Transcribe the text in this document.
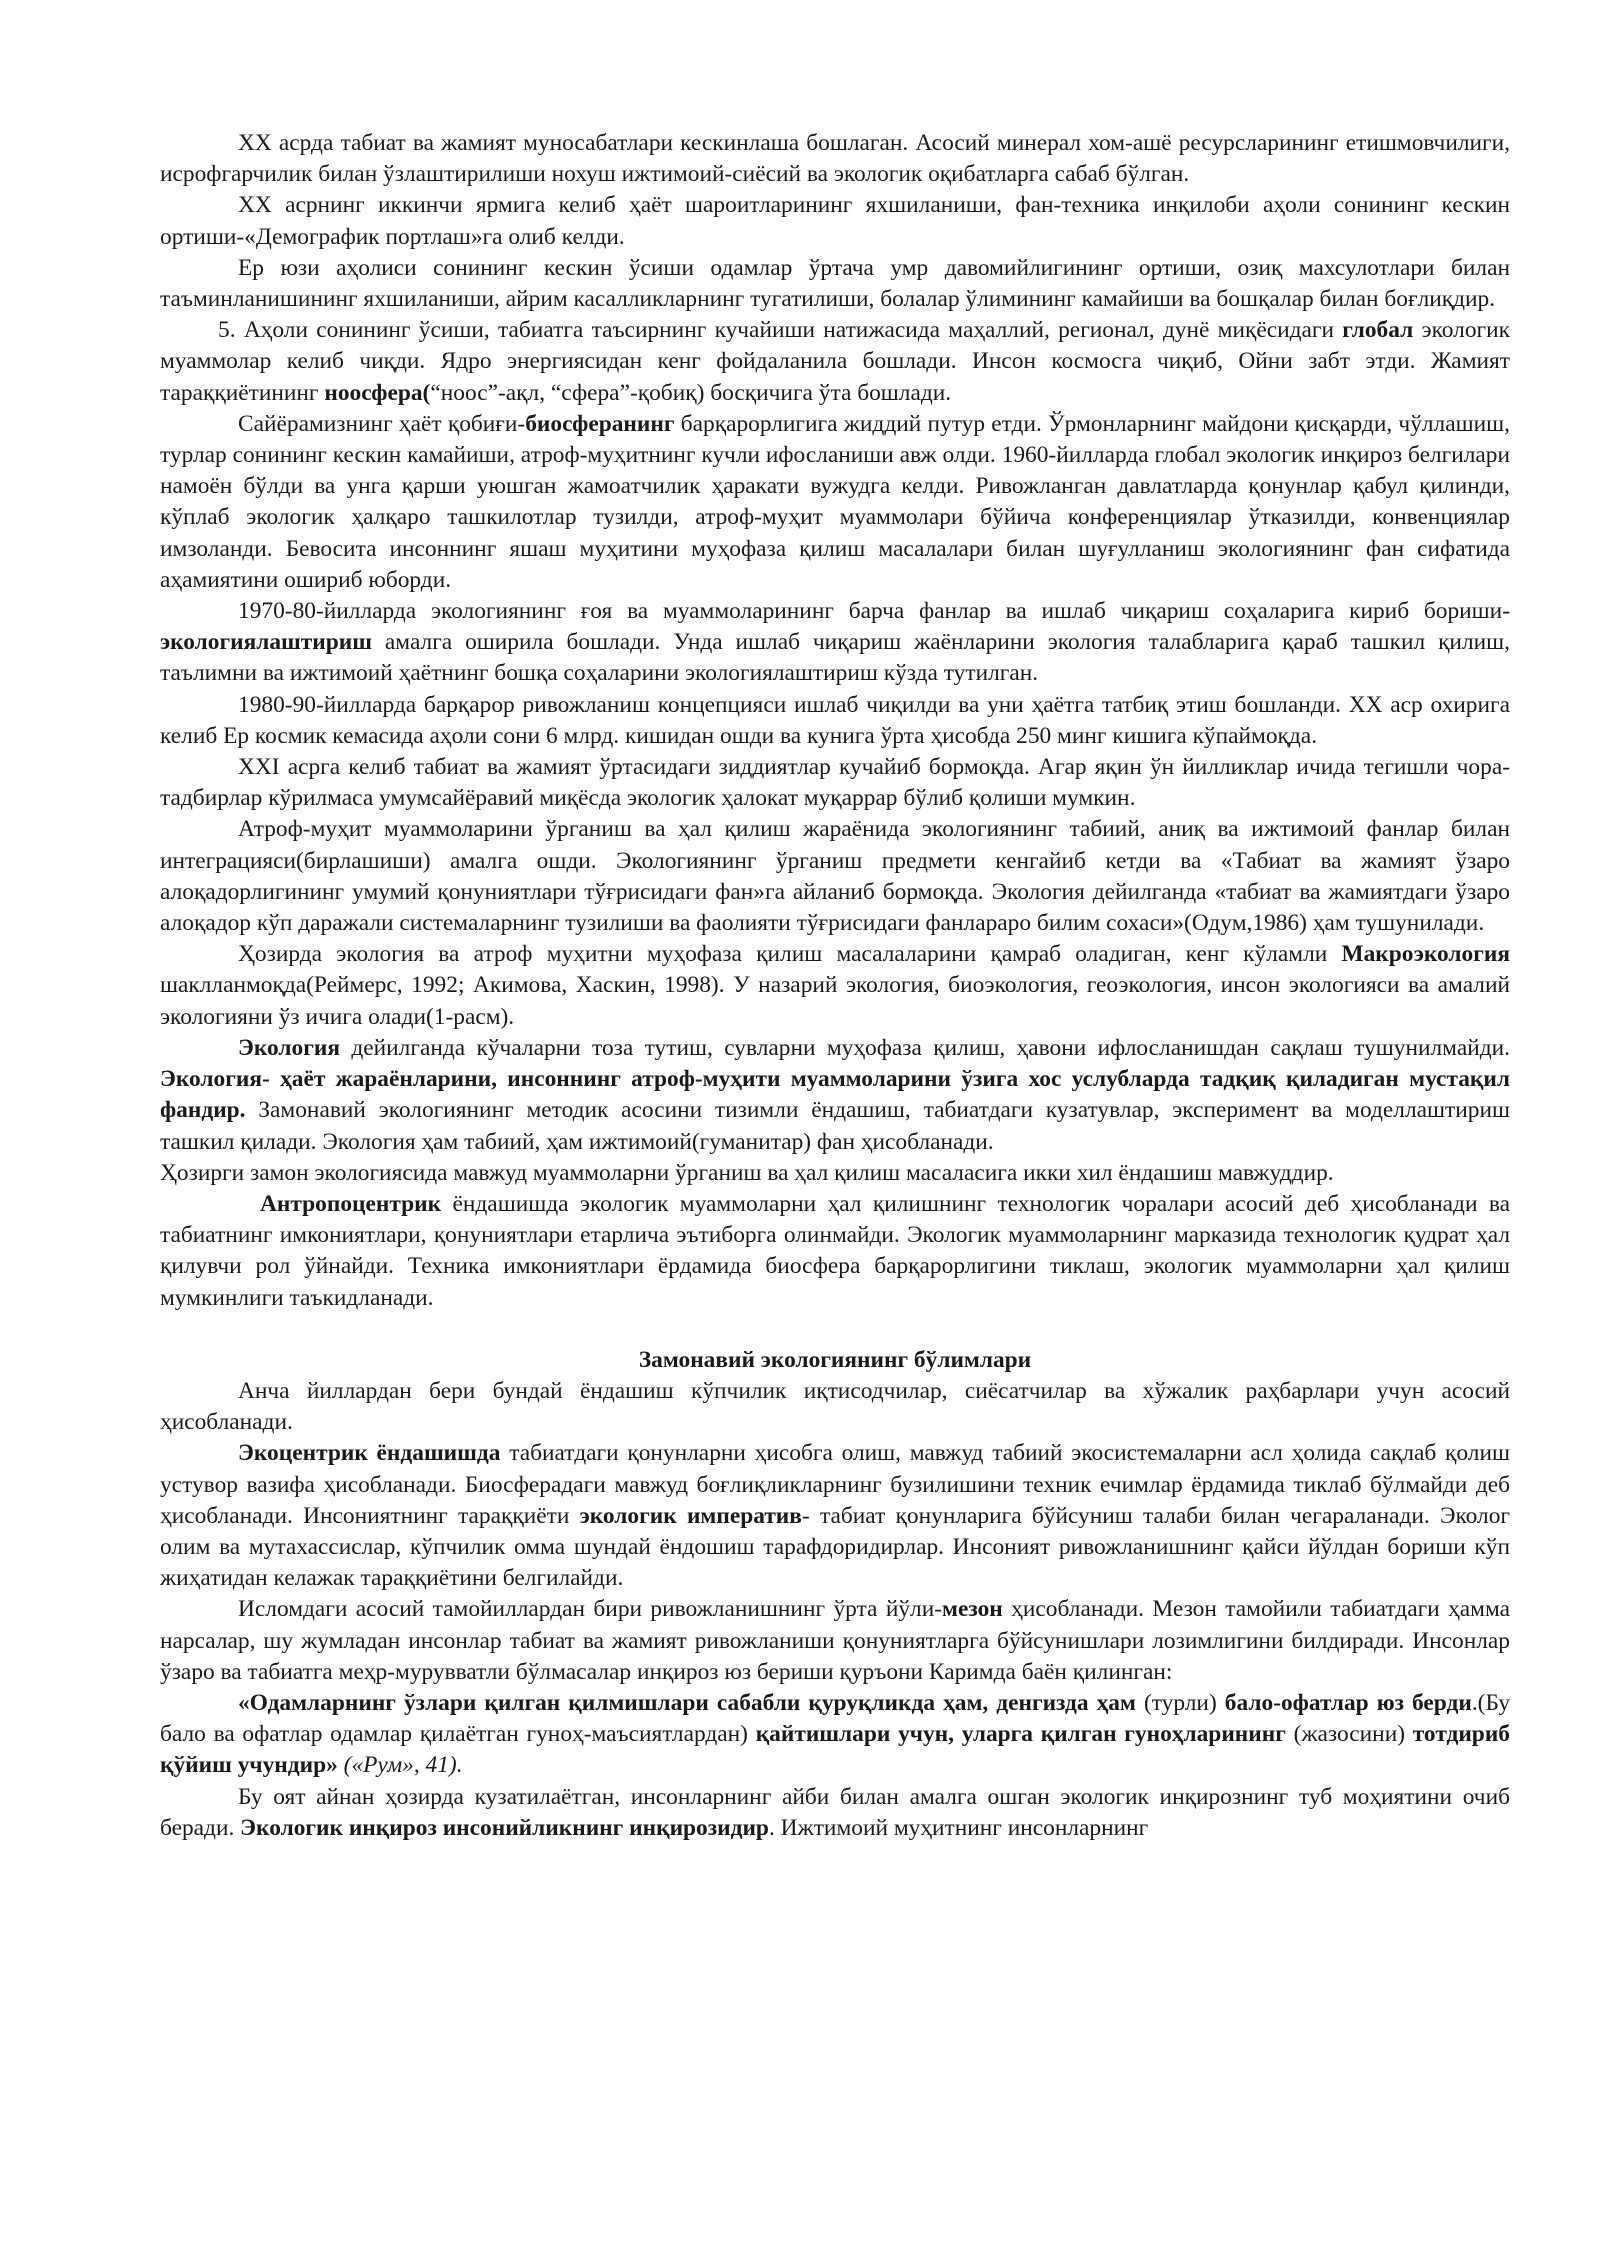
XX асрда табиат ва жамият муносабатлари кескинлаша бошлаган. Асосий минерал хом-ашё ресурсларининг етишмовчилиги, исрофгарчилик билан ўзлаштирилиши нохуш ижтимоий-сиёсий ва экологик оқибатларга сабаб бўлган.

XX асрнинг иккинчи ярмига келиб ҳаёт шароитларининг яхшиланиши, фан-техника инқилоби аҳоли сонининг кескин ортиши-«Демографик портлаш»га олиб келди.

Ер юзи аҳолиси сонининг кескин ўсиши одамлар ўртача умр давомийлигининг ортиши, озиқ махсулотлари билан таъминланишининг яхшиланиши, айрим касалликларнинг тугатилиши, болалар ўлимининг камайиши ва бошқалар билан боғлиқдир.

5. Аҳоли сонининг ўсиши, табиатга таъсирнинг кучайиши натижасида маҳаллий, регионал, дунё миқёсидаги глобал экологик муаммолар келиб чиқди. Ядро энергиясидан кенг фойдаланила бошлади. Инсон космосга чиқиб, Ойни забт этди. Жамият тараққиётининг ноосфера(“ноос”-ақл, “сфера”-қобиқ) босқичига ўта бошлади.

Сайёрамизнинг ҳаёт қобиғи-биосферанинг барқарорлигига жиддий путур етди. Ўрмонларнинг майдони қисқарди, чўллашиш, турлар сонининг кескин камайиши, атроф-муҳитнинг кучли ифосланиши авж олди. 1960-йилларда глобал экологик инқироз белгилари намоён бўлди ва унга қарши уюшган жамоатчилик ҳаракати вужудга келди. Ривожланган давлатларда қонунлар қабул қилинди, кўплаб экологик ҳалқаро ташкилотлар тузилди, атроф-муҳит муаммолари бўйича конференциялар ўтказилди, конвенциялар имзоланди. Бевосита инсоннинг яшаш муҳитини муҳофаза қилиш масалалари билан шуғулланиш экологиянинг фан сифатида аҳамиятини ошириб юборди.

1970-80-йилларда экологиянинг ғоя ва муаммоларининг барча фанлар ва ишлаб чиқариш соҳаларига кириб бориши- экологиялаштириш амалга оширила бошлади. Унда ишлаб чиқариш жаёнларини экология талабларига қараб ташкил қилиш, таълимни ва ижтимоий ҳаётнинг бошқа соҳаларини экологиялаштириш кўзда тутилган.

1980-90-йилларда барқарор ривожланиш концепцияси ишлаб чиқилди ва уни ҳаётга татбиқ этиш бошланди. XX аср охирига келиб Ер космик кемасида аҳоли сони 6 млрд. кишидан ошди ва кунига ўрта ҳисобда 250 минг кишига кўпаймоқда.

XXI асрга келиб табиат ва жамият ўртасидаги зиддиятлар кучайиб бормоқда. Агар яқин ўн йилликлар ичида тегишли чора-тадбирлар кўрилмаса умумсайёравий миқёсда экологик ҳалокат муқаррар бўлиб қолиши мумкин.

Атроф-муҳит муаммоларини ўрганиш ва ҳал қилиш жараёнида экологиянинг табиий, аниқ ва ижтимоий фанлар билан интеграцияси(бирлашиши) амалга ошди. Экологиянинг ўрганиш предмети кенгайиб кетди ва «Табиат ва жамият ўзаро алоқадорлигининг умумий қонуниятлари тўғрисидаги фан»га айланиб бормоқда. Экология дейилганда «табиат ва жамиятдаги ўзаро алоқадор кўп даражали системаларнинг тузилиши ва фаолияти тўғрисидаги фанлараро билим сохаси»(Одум,1986) ҳам тушунилади.

Ҳозирда экология ва атроф муҳитни муҳофаза қилиш масалаларини қамраб оладиган, кенг кўламли Макроэкология шаклланмоқда(Реймерс, 1992; Акимова, Хаскин, 1998). У назарий экология, биоэкология, геоэкология, инсон экологияси ва амалий экологияни ўз ичига олади(1-расм).

Экология дейилганда кўчаларни тоза тутиш, сувларни муҳофаза қилиш, ҳавони ифлосланишдан сақлаш тушунилмайди. Экология- ҳаёт жараёнларини, инсоннинг атроф-муҳити муаммоларини ўзига хос услубларда тадқиқ қиладиган мустақил фандир. Замонавий экологиянинг методик асосини тизимли ёндашиш, табиатдаги кузатувлар, эксперимент ва моделлаштириш ташкил қилади. Экология ҳам табиий, ҳам ижтимоий(гуманитар) фан ҳисобланади.

Ҳозирги замон экологиясида мавжуд муаммоларни ўрганиш ва ҳал қилиш масаласига икки хил ёндашиш мавжуддир.

Антропоцентрик ёндашишда экологик муаммоларни ҳал қилишнинг технологик чоралари асосий деб ҳисобланади ва табиатнинг имкониятлари, қонуниятлари етарлича эътиборга олинмайди. Экологик муаммоларнинг марказида технологик қудрат ҳал қилувчи рол ўйнайди. Техника имкониятлари ёрдамида биосфера барқарорлигини тиклаш, экологик муаммоларни ҳал қилиш мумкинлиги таъкидланади.

Замонавий экологиянинг бўлимлари

Анча йиллардан бери бундай ёндашиш кўпчилик иқтисодчилар, сиёсатчилар ва хўжалик раҳбарлари учун асосий ҳисобланади.

Экоцентрик ёндашишда табиатдаги қонунларни ҳисобга олиш, мавжуд табиий экосистемаларни асл ҳолида сақлаб қолиш устувор вазифа ҳисобланади. Биосферадаги мавжуд боғлиқликларнинг бузилишини техник ечимлар ёрдамида тиклаб бўлмайди деб ҳисобланади. Инсониятнинг тараққиёти экологик императив- табиат қонунларига бўйсуниш талаби билан чегараланади. Эколог олим ва мутахассислар, кўпчилик омма шундай ёндошиш тарафдоридирлар. Инсоният ривожланишнинг қайси йўлдан бориши кўп жиҳатидан келажак тараққиётини белгилайди.

Исломдаги асосий тамойиллардан бири ривожланишнинг ўрта йўли-мезон ҳисобланади. Мезон тамойили табиатдаги ҳамма нарсалар, шу жумладан инсонлар табиат ва жамият ривожланиши қонуниятларга бўйсунишлари лозимлигини билдиради. Инсонлар ўзаро ва табиатга меҳр-мурувватли бўлмасалар инқироз юз бериши қуръони Каримда баён қилинган:

«Одамларнинг ўзлари қилган қилмишлари сабабли қуруқликда ҳам, денгизда ҳам (турли) бало-офатлар юз берди.(Бу бало ва офатлар одамлар қилаётган гуноҳ-маъсиятлардан) қайтишлари учун, уларга қилган гуноҳларининг (жазосини) тотдириб қўйиш учундир» («Рум», 41).

Бу оят айнан ҳозирда кузатилаётган, инсонларнинг айби билан амалга ошган экологик инқирознинг туб моҳиятини очиб беради. Экологик инқироз инсонийликнинг инқирозидир. Ижтимоий муҳитнинг инсонларнинг
